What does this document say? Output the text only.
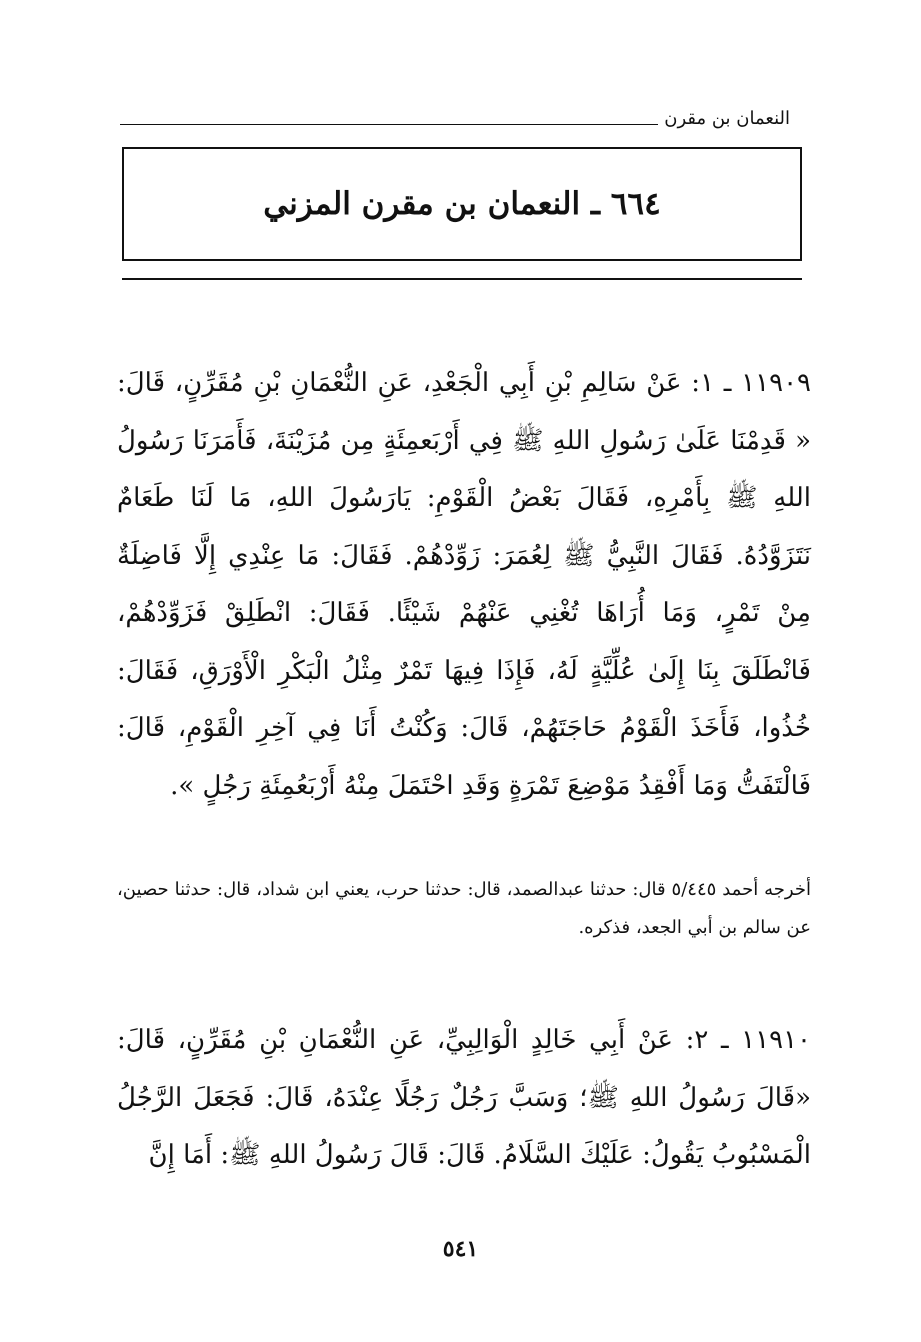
النعمان بن مقرن
٦٦٤ ـ النعمان بن مقرن المزني
١١٩٠٩ ـ ١: عَنْ سَالِمِ بْنِ أَبِي الْجَعْدِ، عَنِ النُّعْمَانِ بْنِ مُقَرِّنٍ، قَالَ: « قَدِمْنَا عَلَىٰ رَسُولِ اللهِ ﷺ فِي أَرْبَعمِئَةٍ مِن مُزَيْنَةَ، فَأَمَرَنَا رَسُولُ اللهِ ﷺ بِأَمْرِهِ، فَقَالَ بَعْضُ الْقَوْمِ: يَارَسُولَ اللهِ، مَا لَنَا طَعَامٌ نَتَزَوَّدُهُ. فَقَالَ النَّبِيُّ ﷺ لِعُمَرَ: زَوِّدْهُمْ. فَقَالَ: مَا عِنْدِي إِلَّا فَاضِلَةٌ مِنْ تَمْرٍ، وَمَا أُرَاهَا تُغْنِي عَنْهُمْ شَيْئًا. فَقَالَ: انْطَلِقْ فَزَوِّدْهُمْ، فَانْطَلَقَ بِنَا إِلَىٰ عُلِّيَّةٍ لَهُ، فَإِذَا فِيهَا تَمْرٌ مِثْلُ الْبَكْرِ الْأَوْرَقِ، فَقَالَ: خُذُوا، فَأَخَذَ الْقَوْمُ حَاجَتَهُمْ، قَالَ: وَكُنْتُ أَنَا فِي آخِرِ الْقَوْمِ، قَالَ: فَالْتَفَتُّ وَمَا أَفْقِدُ مَوْضِعَ تَمْرَةٍ وَقَدِ احْتَمَلَ مِنْهُ أَرْبَعُمِئَةِ رَجُلٍ ».
أخرجه أحمد ٥/٤٤٥ قال: حدثنا عبدالصمد، قال: حدثنا حرب، يعني ابن شداد، قال: حدثنا حصين، عن سالم بن أبي الجعد، فذكره.
١١٩١٠ ـ ٢: عَنْ أَبِي خَالِدٍ الْوَالِبِيِّ، عَنِ النُّعْمَانِ بْنِ مُقَرِّنٍ، قَالَ: «قَالَ رَسُولُ اللهِ ﷺ؛ وَسَبَّ رَجُلٌ رَجُلًا عِنْدَهُ، قَالَ: فَجَعَلَ الرَّجُلُ الْمَسْبُوبُ يَقُولُ: عَلَيْكَ السَّلَامُ. قَالَ: قَالَ رَسُولُ اللهِ ﷺ: أَمَا إِنَّ
٥٤١
